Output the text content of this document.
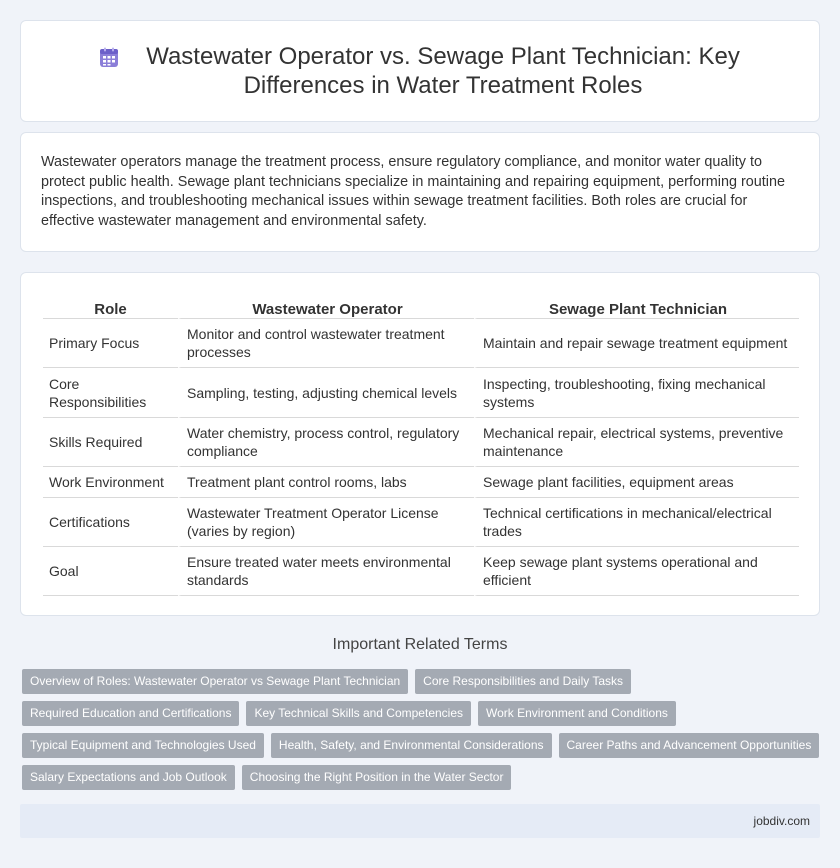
Wastewater Operator vs. Sewage Plant Technician: Key Differences in Water Treatment Roles

Wastewater operators manage the treatment process, ensure regulatory compliance, and monitor water quality to protect public health. Sewage plant technicians specialize in maintaining and repairing equipment, performing routine inspections, and troubleshooting mechanical issues within sewage treatment facilities. Both roles are crucial for effective wastewater management and environmental safety.

Role	Wastewater Operator	Sewage Plant Technician
Primary Focus	Monitor and control wastewater treatment processes	Maintain and repair sewage treatment equipment
Core Responsibilities	Sampling, testing, adjusting chemical levels	Inspecting, troubleshooting, fixing mechanical systems
Skills Required	Water chemistry, process control, regulatory compliance	Mechanical repair, electrical systems, preventive maintenance
Work Environment	Treatment plant control rooms, labs	Sewage plant facilities, equipment areas
Certifications	Wastewater Treatment Operator License (varies by region)	Technical certifications in mechanical/electrical trades
Goal	Ensure treated water meets environmental standards	Keep sewage plant systems operational and efficient
Important Related Terms
Overview of Roles: Wastewater Operator vs Sewage Plant Technician	Core Responsibilities and Daily Tasks
Required Education and Certifications	Key Technical Skills and Competencies	Work Environment and Conditions
Typical Equipment and Technologies Used	Health, Safety, and Environmental Considerations	Career Paths and Advancement Opportunities
Salary Expectations and Job Outlook	Choosing the Right Position in the Water Sector
jobdiv.com
